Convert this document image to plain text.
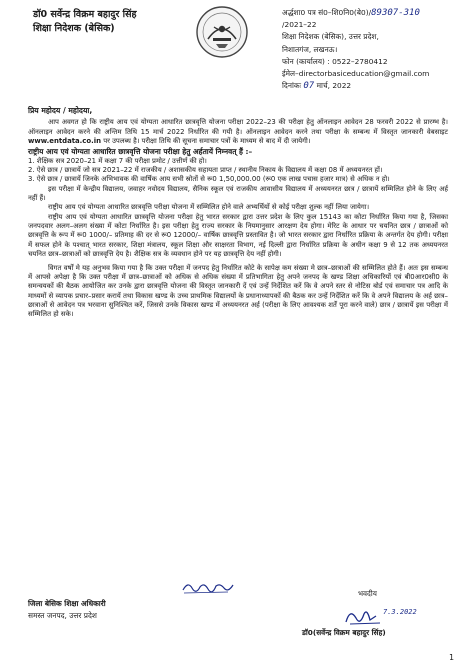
डॉ0 सर्वेन्द्र विक्रम बहादुर सिंह
शिक्षा निदेशक (बेसिक)
अर्द्धशा0 पत्र सं0–शि0नि0(बे0)/89307-310
/2021–22
शिक्षा निदेशक (बेसिक), उत्तर प्रदेश,
निशातगंज, लखनऊ।
फोन (कार्यालय) : 0522–2780412
ईमेल–directorbasiceducation@gmail.com
दिनांकः 07 मार्च, 2022

प्रिय महोदय / महोदया,

आप अवगत हो कि राष्ट्रीय आय एवं योग्यता आधारित छात्रवृत्ति योजना परीक्षा 2022–23 की परीक्षा हेतु ऑनलाइन आवेदन 28 फरवरी 2022 से प्रारम्भ है। ऑनलाइन आवेदन करने की अन्तिम तिथि 15 मार्च 2022 निर्धारित की गयी है। ऑनलाइन आवेदन करने तथा परीक्षा के सम्बन्ध में विस्तृत जानकारी वेबसाइट www.entdata.co.in पर उपलब्ध है। परीक्षा तिथि की सूचना समाचार पत्रों के माध्यम से बाद में दी जायेगी।

राष्ट्रीय आय एवं योग्यता आधारित छात्रवृत्ति योजना परीक्षा हेतु अर्हतायें निम्नवत् हैं :–

1. शैक्षिक सत्र 2020–21 में कक्षा 7 की परीक्षा प्रमोट / उत्तीर्ण की हो।

2. ऐसे छात्र / छात्रायें जो सत्र 2021–22 में राजकीय / अशासकीय सहायता प्राप्त / स्थानीय निकाय के विद्यालय में कक्षा 08 में अध्ययनरत हों।

3. ऐसे छात्र / छात्रायें जिनके अभिभावक की वार्षिक आय सभी स्रोतों से रू0 1,50,000.00 (रू0 एक लाख पचास हजार मात्र) से अधिक न हो।

इस परीक्षा में केन्द्रीय विद्यालय, जवाहर नवोदय विद्यालय, सैनिक स्कूल एवं राजकीय आवासीय विद्यालय में अध्ययनरत छात्र / छात्रायें सम्मिलित होने के लिए अर्ह नहीं हैं।

राष्ट्रीय आय एवं योग्यता आधारित छात्रवृत्ति परीक्षा योजना में सम्मिलित होने वाले अभ्यर्थियों से कोई परीक्षा शुल्क नहीं लिया जायेगा।

राष्ट्रीय आय एवं योग्यता आधारित छात्रवृत्ति योजना परीक्षा हेतु भारत सरकार द्वारा उत्तर प्रदेश के लिए कुल 15143 का कोटा निर्धारित किया गया है, जिसका जनपदवार अलग–अलग संख्या में कोटा निर्धारित है। इस परीक्षा हेतु राज्य सरकार के नियमानुसार आरक्षण देय होगा। मेरिट के आधार पर चयनित छात्र / छात्राओं को छात्रवृत्ति के रूप में रू0 1000/– प्रतिमाह की दर से रू0 12000/– वार्षिक छात्रवृत्ति प्रस्तावित है। जो भारत सरकार द्वारा निर्धारित प्रक्रिया के अन्तर्गत देय होगी। परीक्षा में सफल होने के पश्चात् भारत सरकार, शिक्षा मंत्रालय, स्कूल शिक्षा और साक्षरता विभाग, नई दिल्ली द्वारा निर्धारित प्रक्रिया के अधीन कक्षा 9 से 12 तक अध्ययनरत चयनित छात्र–छात्राओं को छात्रवृत्ति देय है। शैक्षिक सत्र के व्यवधान होने पर यह छात्रवृत्ति देय नहीं होगी।

विगत वर्षों मे यह अनुभव किया गया है कि उक्त परीक्षा में जनपद हेतु निर्धारित कोटे के सापेक्ष कम संख्या मे छात्र–छात्राओं की सम्मिलित होते हैं। अतः इस सम्बन्ध में आपसे अपेक्षा है कि उक्त परीक्षा में छात्र–छात्राओं को अधिक से अधिक संख्या में प्रतिभागिता हेतु अपने जनपद के खण्ड शिक्षा अधिकारियों एवं बी0आर0सी0 के समन्वयकों की बैठक आयोजित कर उनके द्वारा छात्रवृत्ति योजना की विस्तृत जानकारी दें एवं उन्हें निर्देशित करें कि वे अपने स्तर से नोटिस बोर्ड एवं समाचार पत्र आदि के माध्यमों से व्यापक प्रचार–प्रसार करायें तथा विकास खण्ड के उच्च प्राथमिक विद्यालयों के प्रधानाध्यापकों की बैठक कर उन्हें निर्देशित करें कि वे अपने विद्यालय के अर्ह छात्र–छात्राओं से आवेदन पत्र भरवाना सुनिश्चित करें, जिससे उनके विकास खण्ड में अध्ययनरत अर्ह (परीक्षा के लिए आवश्यक शर्तें पूरा करने वाले) छात्र / छात्रायें इस परीक्षा में सम्मिलित हो सके।

भवदीय
जिला बेसिक शिक्षा अधिकारी
समस्त जनपद, उत्तर प्रदेश	7.3.2022
डॉ0(सर्वेन्द्र विक्रम बहादुर सिंह)
1
